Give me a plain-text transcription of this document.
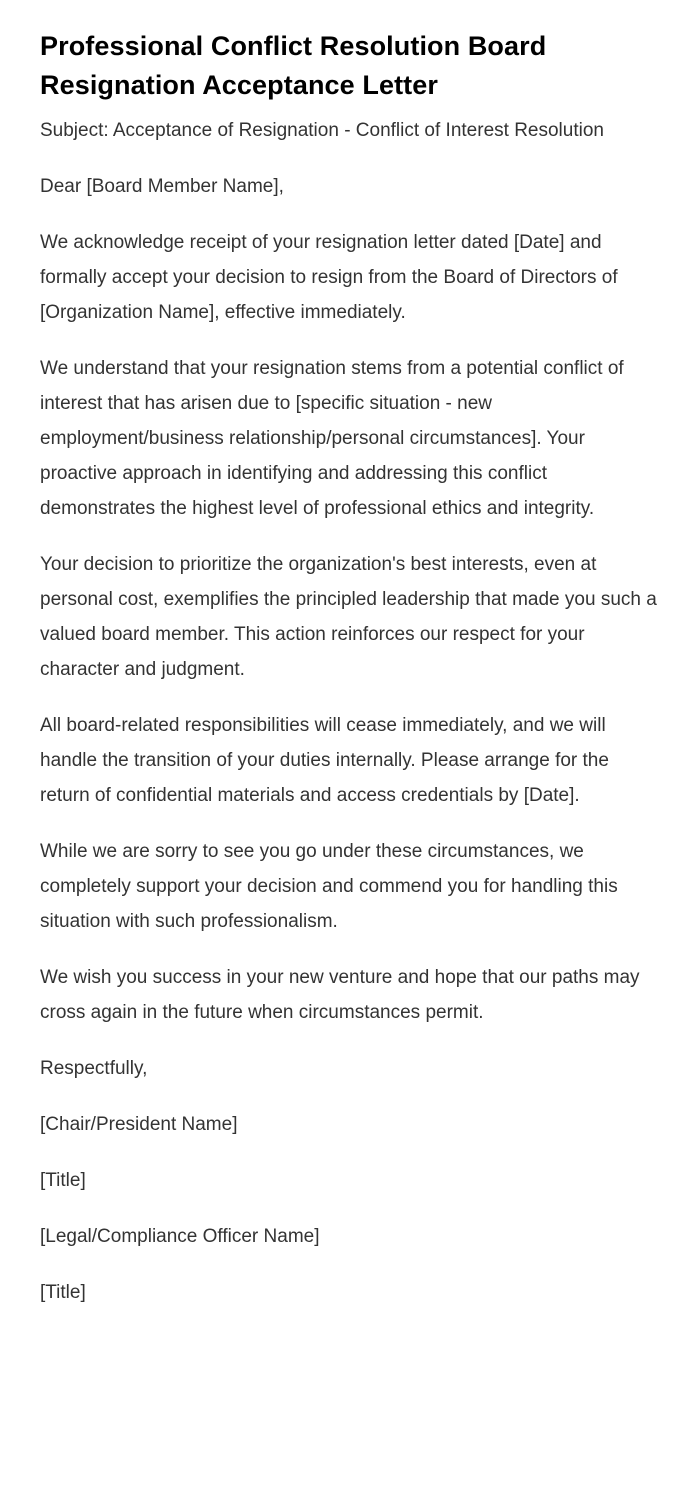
Professional Conflict Resolution Board Resignation Acceptance Letter

Subject: Acceptance of Resignation - Conflict of Interest Resolution

Dear [Board Member Name],

We acknowledge receipt of your resignation letter dated [Date] and formally accept your decision to resign from the Board of Directors of [Organization Name], effective immediately.

We understand that your resignation stems from a potential conflict of interest that has arisen due to [specific situation - new employment/business relationship/personal circumstances]. Your proactive approach in identifying and addressing this conflict demonstrates the highest level of professional ethics and integrity.

Your decision to prioritize the organization's best interests, even at personal cost, exemplifies the principled leadership that made you such a valued board member. This action reinforces our respect for your character and judgment.

All board-related responsibilities will cease immediately, and we will handle the transition of your duties internally. Please arrange for the return of confidential materials and access credentials by [Date].

While we are sorry to see you go under these circumstances, we completely support your decision and commend you for handling this situation with such professionalism.

We wish you success in your new venture and hope that our paths may cross again in the future when circumstances permit.

Respectfully,

[Chair/President Name]

[Title]

[Legal/Compliance Officer Name]

[Title]
